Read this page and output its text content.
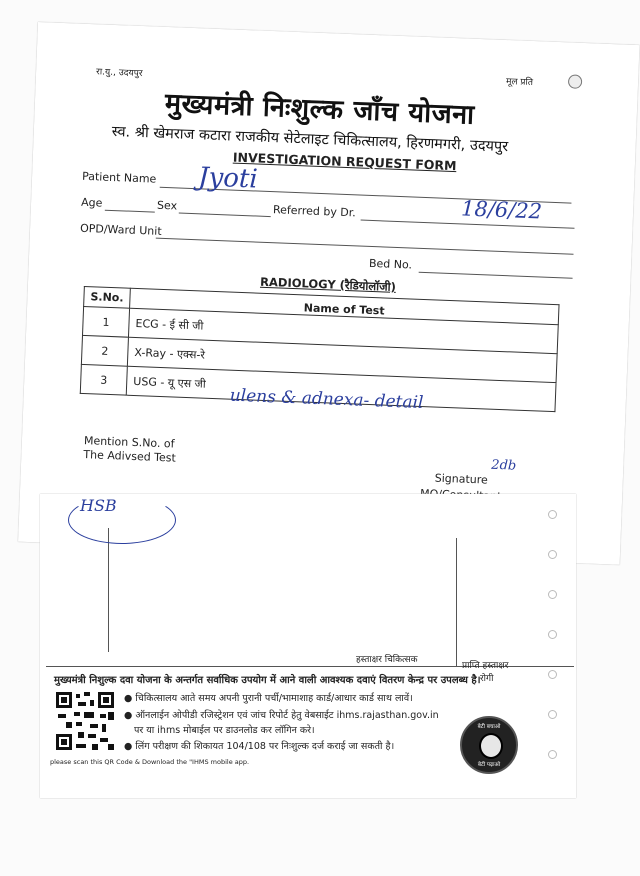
रा.यु., उदयपुर
मूल प्रति
मुख्यमंत्री निःशुल्क जाँच योजना
स्व. श्री खेमराज कटारा राजकीय सेटेलाइट चिकित्सालय, हिरणमगरी, उदयपुर
INVESTIGATION REQUEST FORM
Patient Name Jyoti
18/6/22
Age	Sex	Referred by Dr.
OPD/Ward Unit
Bed No.
RADIOLOGY (रैडियोलॉजी)
S.No.	Name of Test
1	ECG - ई सी जी
2	X-Ray - एक्स-रे
3	USG - यू एस जी
ulens & adnexa- detail
Mention S.No. of
The Adivsed Test
2db
Signature
HSB
हस्ताक्षर चिकित्सक
प्राप्ति हस्ताक्षर
रोगी
मुख्यमंत्री निशुल्क दवा योजना के अन्तर्गत सर्वाधिक उपयोग में आने वाली आवश्यक दवाएं वितरण केन्द्र पर उपलब्ध है।
● चिकित्सालय आते समय अपनी पुरानी पर्ची/भामाशाह कार्ड/आधार कार्ड साथ लावें।
● ऑनलाईन ओपीडी रजिस्ट्रेशन एवं जांच रिपोर्ट हेतु वेबसाईट ihms.rajasthan.gov.in
पर या ihms मोबाईल पर डाउनलोड कर लॉगिन करे।
● लिंग परीक्षण की शिकायत 104/108 पर निःशुल्क दर्ज कराई जा सकती है।
please scan this QR Code & Download the "IHMS mobile app.
बेटी बचाओ
बेटी पढ़ाओ
